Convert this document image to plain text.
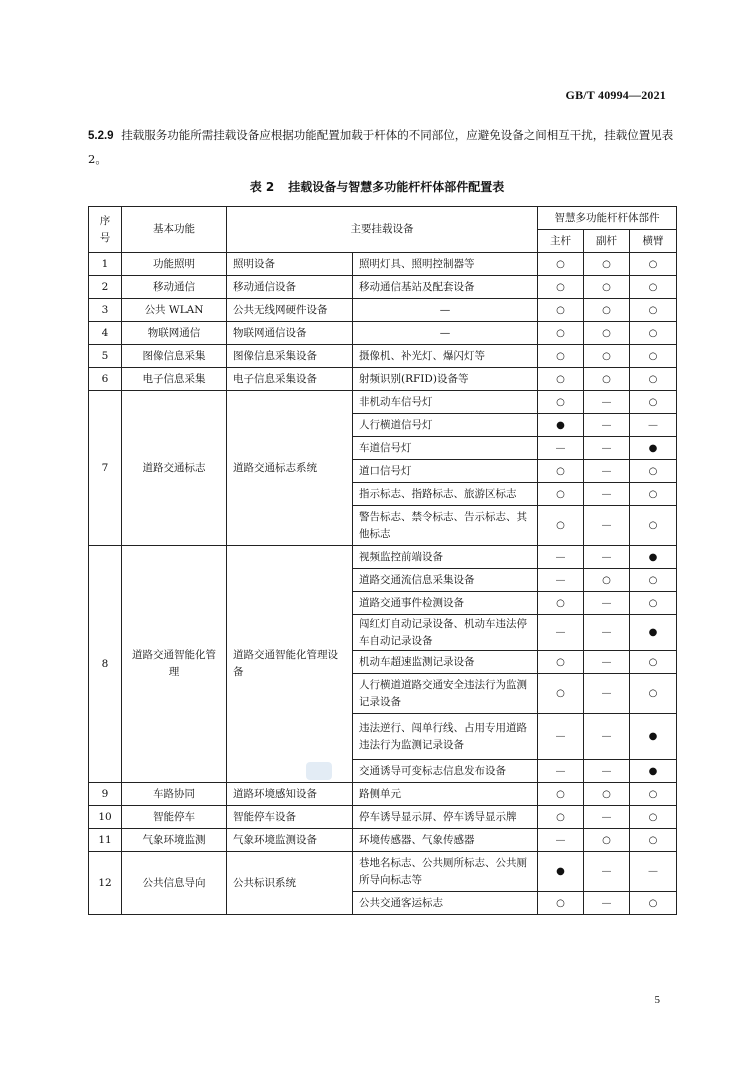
GB/T 40994—2021
5.2.9 挂载服务功能所需挂载设备应根据功能配置加载于杆体的不同部位，应避免设备之间相互干扰，挂载位置见表 2。
表 2 挂载设备与智慧多功能杆杆体部件配置表
序号	基本功能	主要挂载设备		智慧多功能杆杆体部件		
				主杆	副杆	横臂
1	功能照明	照明设备	照明灯具、照明控制器等	○	○	○
2	移动通信	移动通信设备	移动通信基站及配套设备	○	○	○
3	公共 WLAN	公共无线网硬件设备	—	○	○	○
4	物联网通信	物联网通信设备	—	○	○	○
5	图像信息采集	图像信息采集设备	摄像机、补光灯、爆闪灯等	○	○	○
6	电子信息采集	电子信息采集设备	射频识别(RFID)设备等	○	○	○
7	道路交通标志	道路交通标志系统	非机动车信号灯	○	—	○
			人行横道信号灯	●	—	—
			车道信号灯	—	—	●
			道口信号灯	○	—	○
			指示标志、指路标志、旅游区标志	○	—	○
			警告标志、禁令标志、告示标志、其他标志	○	—	○
8	道路交通智能化管理	道路交通智能化管理设备	视频监控前端设备	—	—	●
			道路交通流信息采集设备	—	○	○
			道路交通事件检测设备	○	—	○
			闯红灯自动记录设备、机动车违法停车自动记录设备	—	—	●
			机动车超速监测记录设备	○	—	○
			人行横道道路交通安全违法行为监测记录设备	○	—	○
			违法逆行、闯单行线、占用专用道路违法行为监测记录设备	—	—	●
			交通诱导可变标志信息发布设备	—	—	●
9	车路协同	道路环境感知设备	路侧单元	○	○	○
10	智能停车	智能停车设备	停车诱导显示屏、停车诱导显示牌	○	—	○
11	气象环境监测	气象环境监测设备	环境传感器、气象传感器	—	○	○
12	公共信息导向	公共标识系统	巷地名标志、公共厕所标志、公共厕所导向标志等	●	—	—
			公共交通客运标志	○	—	○
5
